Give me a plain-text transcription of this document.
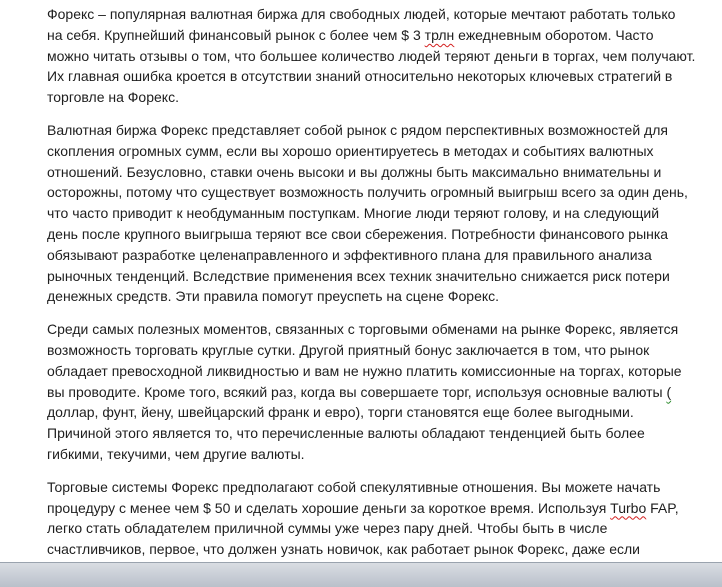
Форекс – популярная валютная биржа для свободных людей, которые мечтают работать только
на себя. Крупнейший финансовый рынок с более чем $ 3 трлн ежедневным оборотом. Часто
можно читать отзывы о том, что большее количество людей теряют деньги в торгах, чем получают.
Их главная ошибка кроется в отсутствии знаний относительно некоторых ключевых стратегий в
торговле на Форекс.

Валютная биржа Форекс представляет собой рынок с рядом перспективных возможностей для
скопления огромных сумм, если вы хорошо ориентируетесь в методах и событиях валютных
отношений. Безусловно, ставки очень высоки и вы должны быть максимально внимательны и
осторожны, потому что существует возможность получить огромный выигрыш всего за один день,
что часто приводит к необдуманным поступкам. Многие люди теряют голову, и на следующий
день после крупного выигрыша теряют все свои сбережения. Потребности финансового рынка
обязывают разработке целенаправленного и эффективного плана для правильного анализа
рыночных тенденций. Вследствие применения всех техник значительно снижается риск потери
денежных средств. Эти правила помогут преуспеть на сцене Форекс.

Среди самых полезных моментов, связанных с торговыми обменами на рынке Форекс, является
возможность торговать круглые сутки. Другой приятный бонус заключается в том, что рынок
обладает превосходной ликвидностью и вам не нужно платить комиссионные на торгах, которые
вы проводите. Кроме того, всякий раз, когда вы совершаете торг, используя основные валюты (
доллар, фунт, йену, швейцарский франк и евро), торги становятся еще более выгодными.
Причиной этого является то, что перечисленные валюты обладают тенденцией быть более
гибкими, текучими, чем другие валюты.

Торговые системы Форекс предполагают собой спекулятивные отношения. Вы можете начать
процедуру с менее чем $ 50 и сделать хорошие деньги за короткое время. Используя Turbo FAP,
легко стать обладателем приличной суммы уже через пару дней. Чтобы быть в числе
счастливчиков, первое, что должен узнать новичок, как работает рынок Форекс, даже если
